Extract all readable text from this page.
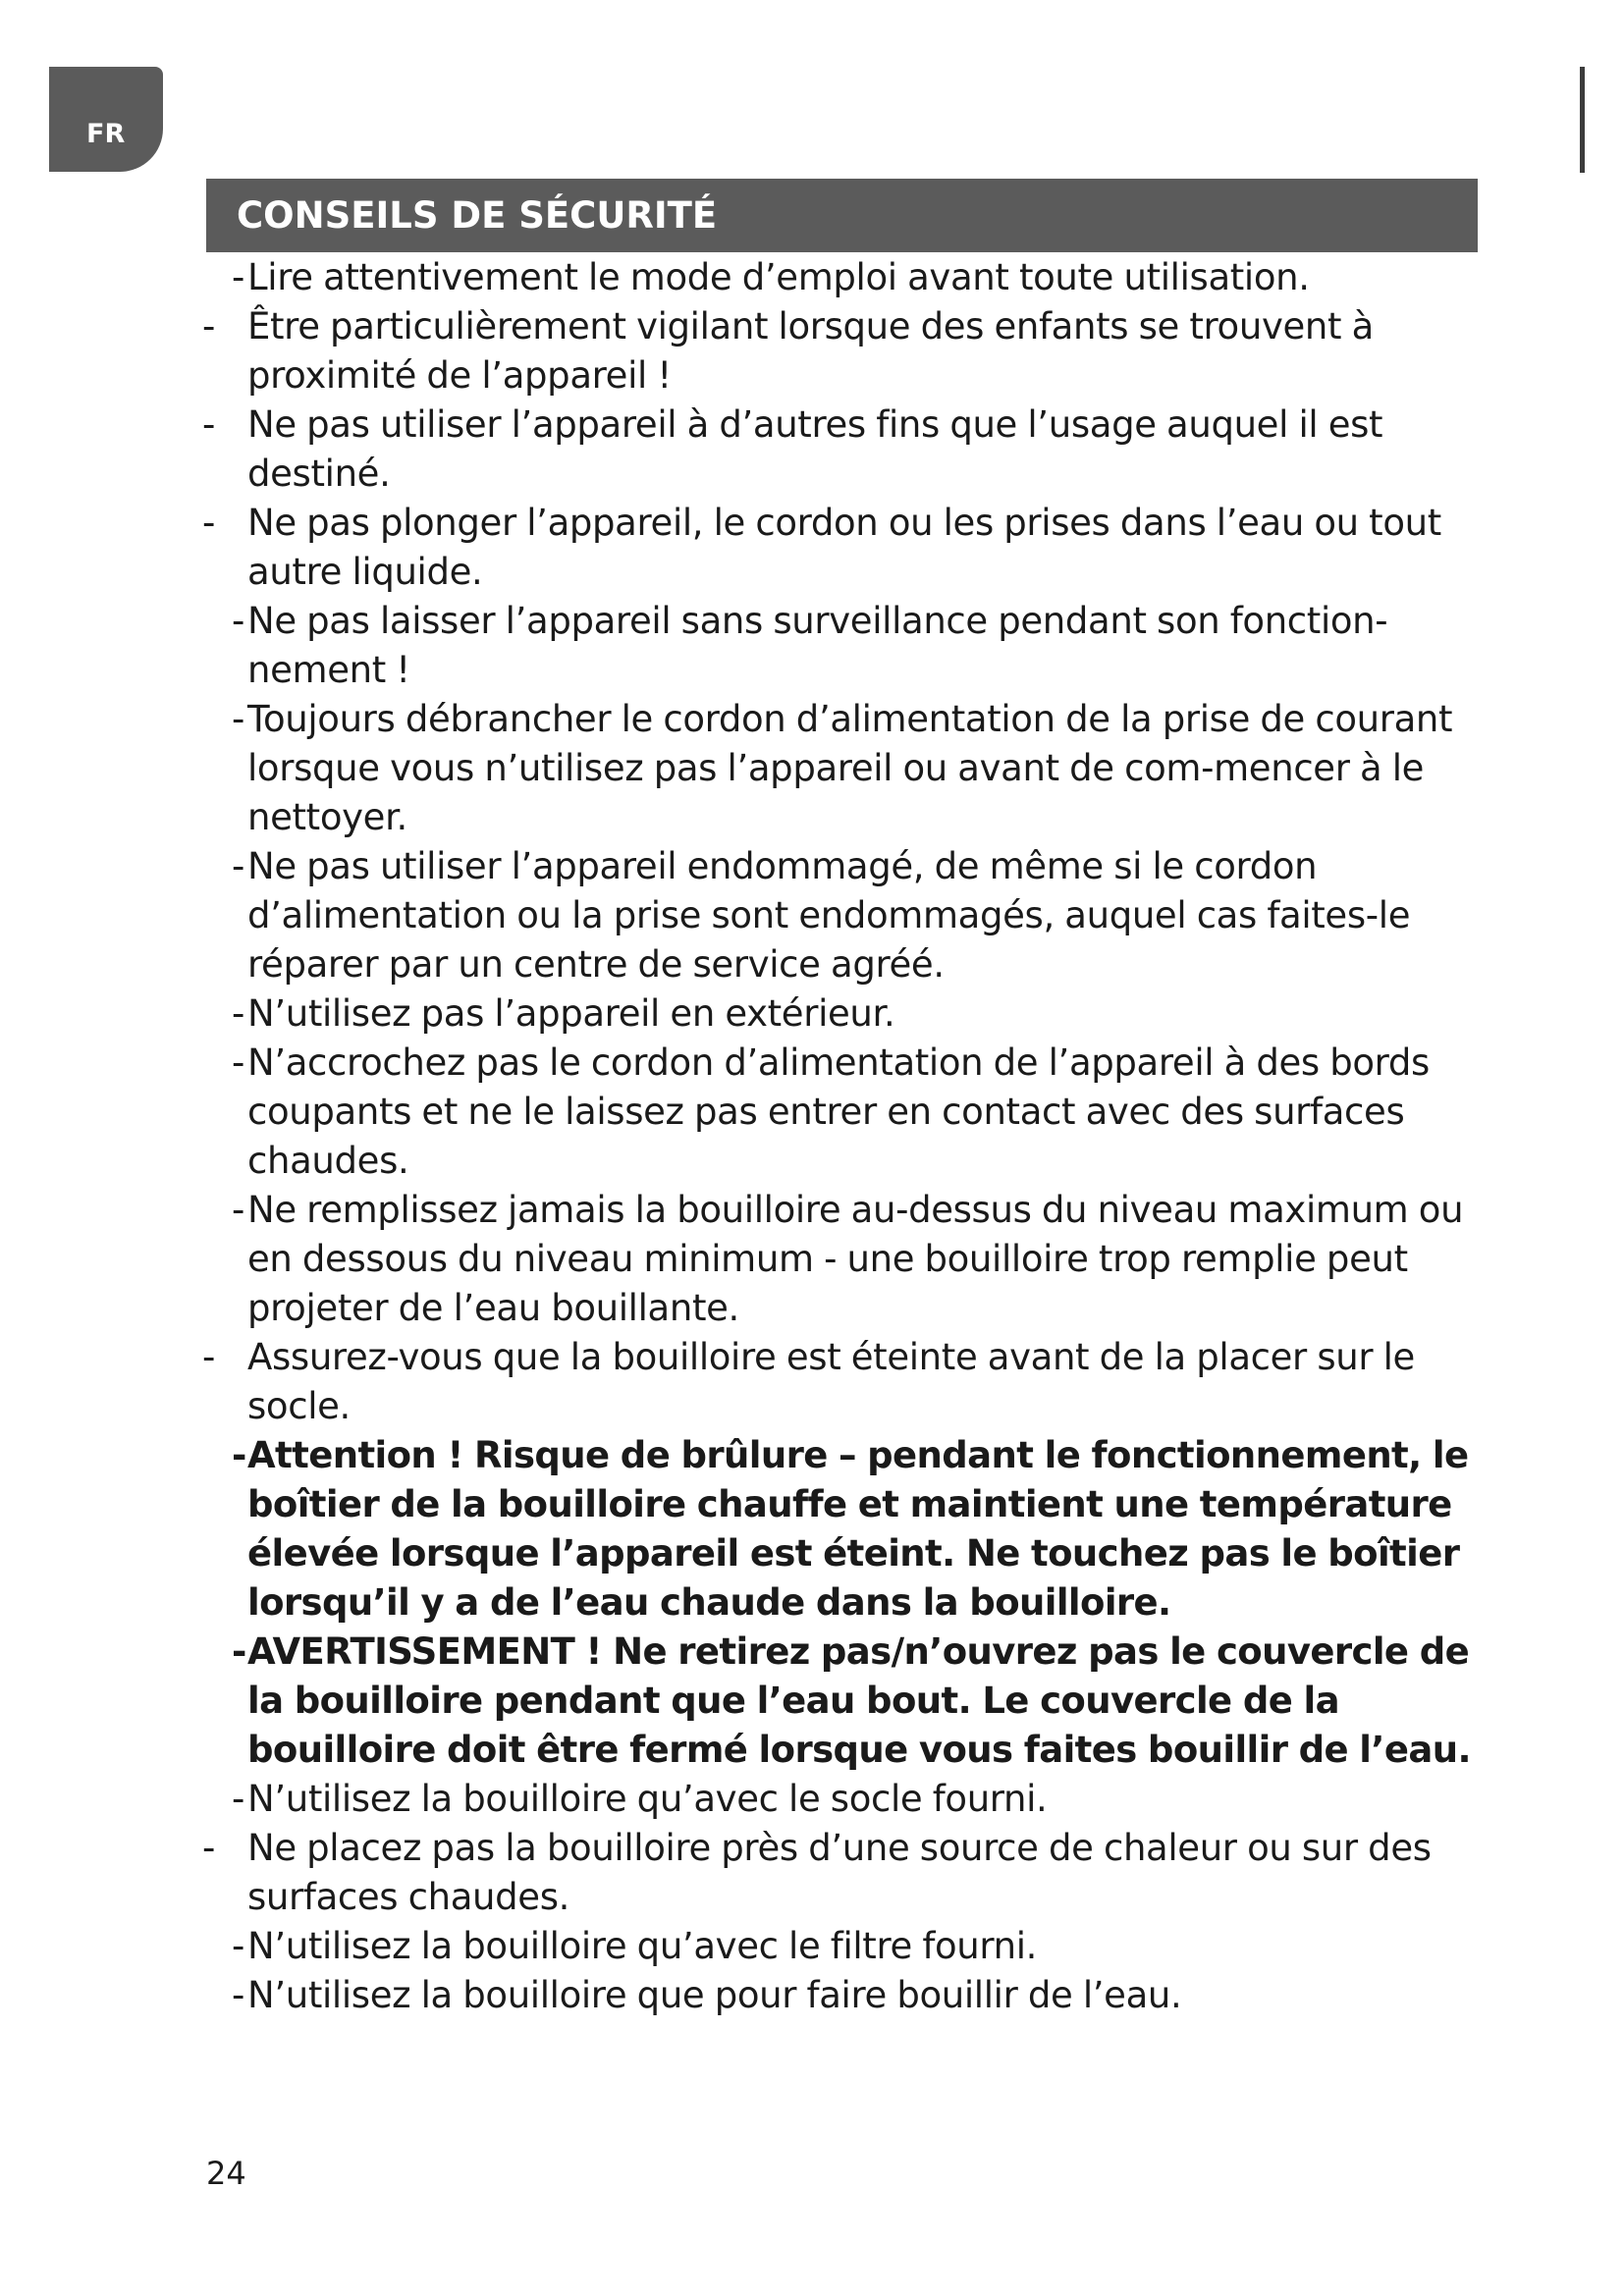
FR
CONSEILS DE SÉCURITÉ
- Lire attentivement le mode d’emploi avant toute utilisation.
- Être particulièrement vigilant lorsque des enfants se trouvent à proximité de l’appareil !
- Ne pas utiliser l’appareil à d’autres fins que l’usage auquel il est destiné.
- Ne pas plonger l’appareil, le cordon ou les prises dans l’eau ou tout autre liquide.
- Ne pas laisser l’appareil sans surveillance pendant son fonction-nement !
- Toujours débrancher le cordon d’alimentation de la prise de courant lorsque vous n’utilisez pas l’appareil ou avant de com-mencer à le nettoyer.
- Ne pas utiliser l’appareil endommagé, de même si le cordon d’alimentation ou la prise sont endommagés, auquel cas faites-le réparer par un centre de service agréé.
- N’utilisez pas l’appareil en extérieur.
- N’accrochez pas le cordon d’alimentation de l’appareil à des bords coupants et ne le laissez pas entrer en contact avec des surfaces chaudes.
- Ne remplissez jamais la bouilloire au-dessus du niveau maximum ou en dessous du niveau minimum - une bouilloire trop remplie peut projeter de l’eau bouillante.
- Assurez-vous que la bouilloire est éteinte avant de la placer sur le socle.
- Attention ! Risque de brûlure – pendant le fonctionnement, le boîtier de la bouilloire chauffe et maintient une température élevée lorsque l’appareil est éteint. Ne touchez pas le boîtier lorsqu’il y a de l’eau chaude dans la bouilloire.
- AVERTISSEMENT ! Ne retirez pas/n’ouvrez pas le couvercle de la bouilloire pendant que l’eau bout. Le couvercle de la bouilloire doit être fermé lorsque vous faites bouillir de l’eau.
- N’utilisez la bouilloire qu’avec le socle fourni.
- Ne placez pas la bouilloire près d’une source de chaleur ou sur des surfaces chaudes.
- N’utilisez la bouilloire qu’avec le filtre fourni.
- N’utilisez la bouilloire que pour faire bouillir de l’eau.

24
